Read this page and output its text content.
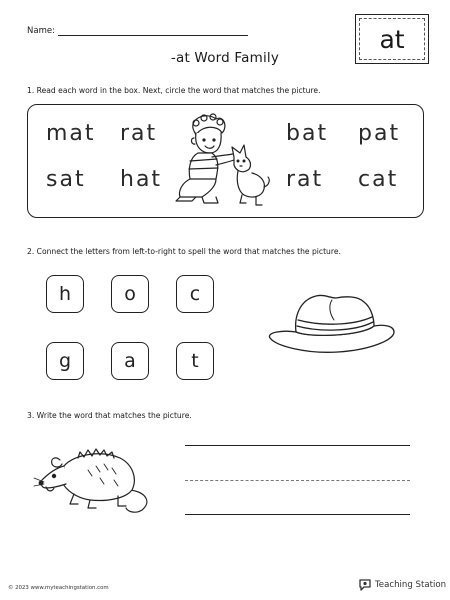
Name:	at
-at Word Family
1. Read each word in the box. Next, circle the word that matches the picture.
mat rat	bat pat
sat hat	rat cat
2. Connect the letters from left-to-right to spell the word that matches the picture.
h	o	c
g	a	t
3. Write the word that matches the picture.
© 2023 www.myteachingstation.com	Teaching Station
